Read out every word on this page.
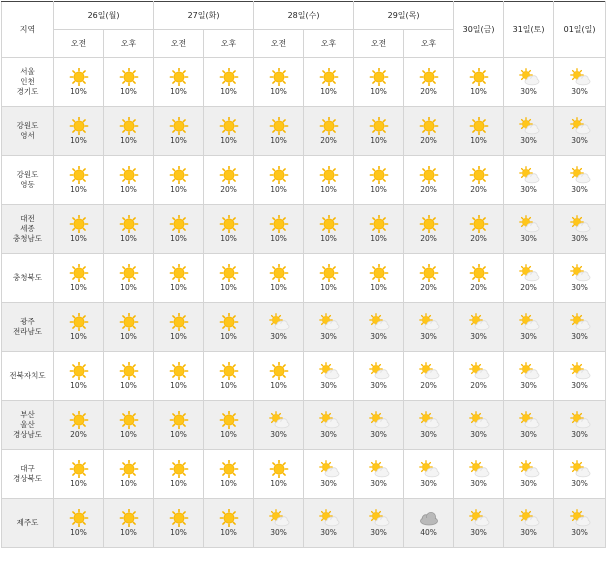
지역	26일(월)		27일(화)		28일(수)		29일(목)		30일(금)	31일(토)	01일(일)
	오전	오후	오전	오후	오전	오후	오전	오후			

서울
인천
경기도	10%	10%	10%	10%	10%	10%	10%	20%	10%	30%	30%

강원도
영서	10%	10%	10%	10%	10%	20%	10%	20%	10%	30%	30%

강원도
영동	10%	10%	10%	20%	10%	10%	10%	20%	20%	30%	30%

대전
세종
충청남도	10%	10%	10%	10%	10%	10%	10%	20%	20%	30%	30%

충청북도	10%	10%	10%	10%	10%	10%	10%	20%	20%	20%	30%

광주
전라남도	10%	10%	10%	10%	30%	30%	30%	30%	30%	30%	30%

전북자치도	10%	10%	10%	10%	10%	30%	30%	20%	20%	30%	30%

부산
울산
경상남도	20%	10%	10%	10%	30%	30%	30%	30%	30%	30%	30%

대구
경상북도	10%	10%	10%	10%	10%	30%	30%	30%	30%	30%	30%

제주도	10%	10%	10%	10%	30%	30%	30%	40%	30%	30%	30%
